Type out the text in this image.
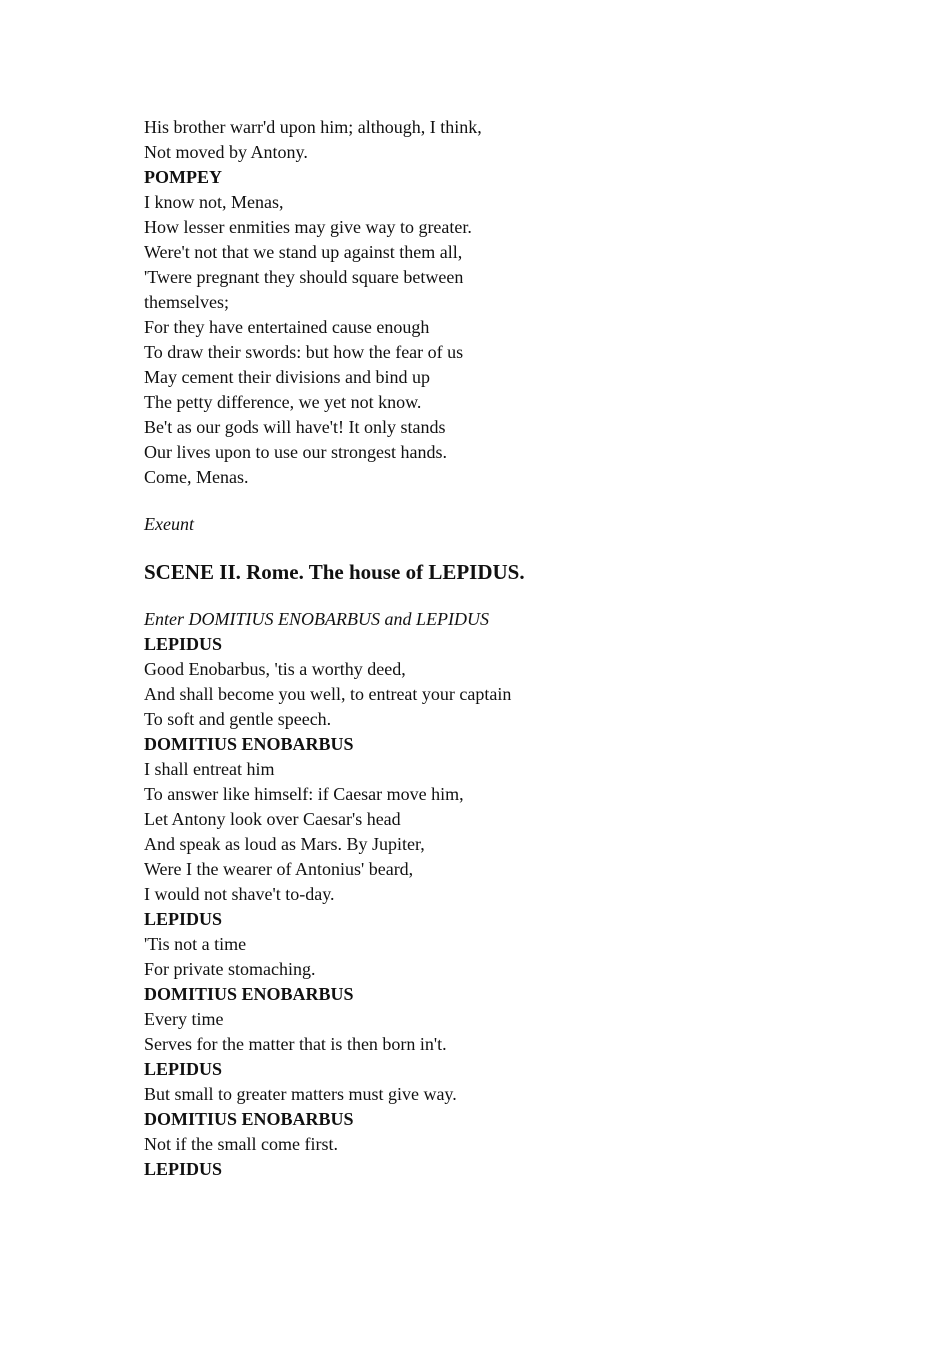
His brother warr'd upon him; although, I think,
Not moved by Antony.
POMPEY
I know not, Menas,
How lesser enmities may give way to greater.
Were't not that we stand up against them all,
'Twere pregnant they should square between
themselves;
For they have entertained cause enough
To draw their swords: but how the fear of us
May cement their divisions and bind up
The petty difference, we yet not know.
Be't as our gods will have't! It only stands
Our lives upon to use our strongest hands.
Come, Menas.
Exeunt
SCENE II. Rome. The house of LEPIDUS.
Enter DOMITIUS ENOBARBUS and LEPIDUS
LEPIDUS
Good Enobarbus, 'tis a worthy deed,
And shall become you well, to entreat your captain
To soft and gentle speech.
DOMITIUS ENOBARBUS
I shall entreat him
To answer like himself: if Caesar move him,
Let Antony look over Caesar's head
And speak as loud as Mars. By Jupiter,
Were I the wearer of Antonius' beard,
I would not shave't to-day.
LEPIDUS
'Tis not a time
For private stomaching.
DOMITIUS ENOBARBUS
Every time
Serves for the matter that is then born in't.
LEPIDUS
But small to greater matters must give way.
DOMITIUS ENOBARBUS
Not if the small come first.
LEPIDUS
